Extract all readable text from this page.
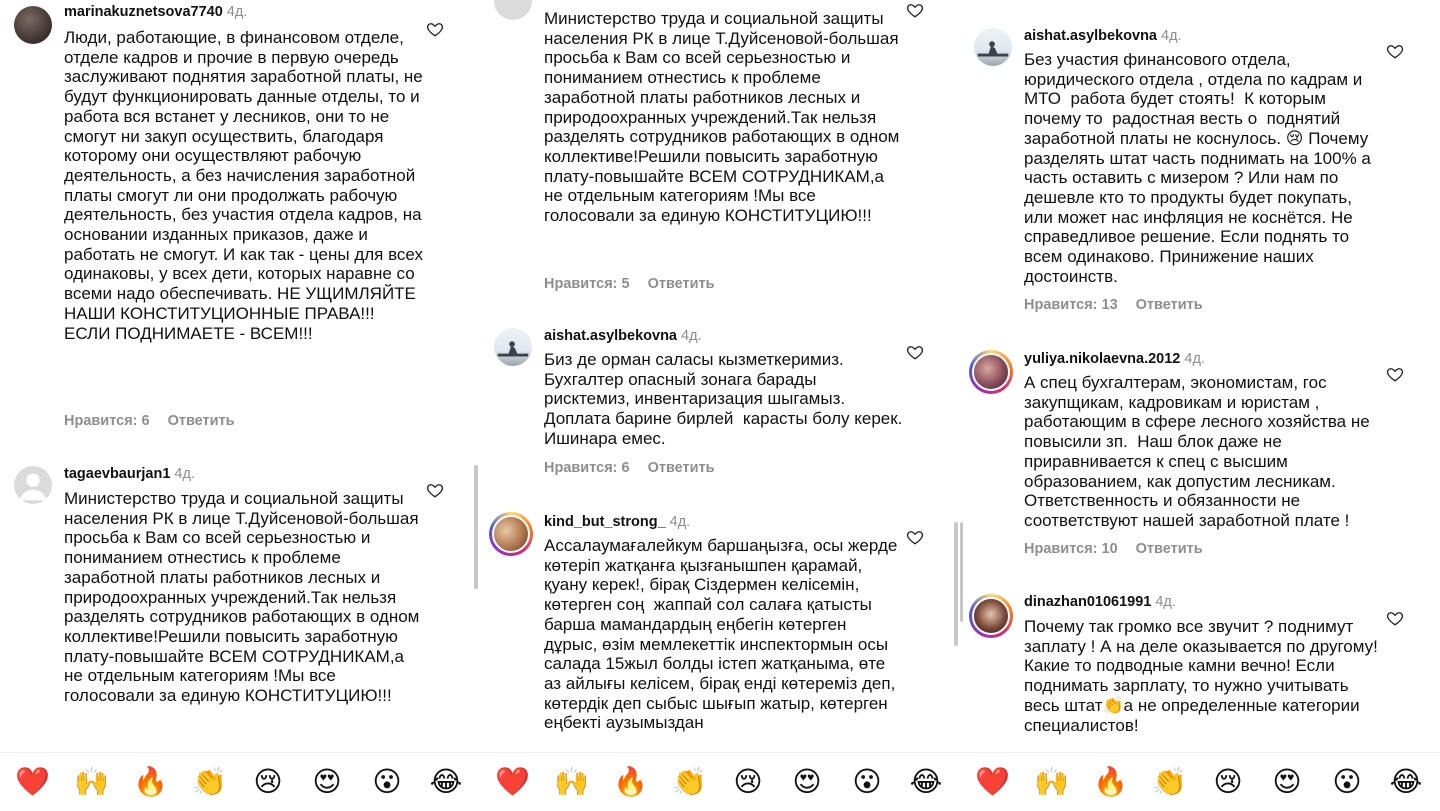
marinakuznetsova7740 4д.
Люди, работающие, в финансовом отделе, отделе кадров и прочие в первую очередь заслуживают поднятия заработной платы, не будут функционировать данные отделы, то и работа вся встанет у лесников, они то не смогут ни закуп осуществить, благодаря которому они осуществляют рабочую деятельность, а без начисления заработной платы смогут ли они продолжать рабочую деятельность, без участия отдела кадров, на основании изданных приказов, даже и работать не смогут. И как так - цены для всех одинаковы, у всех дети, которых наравне со всеми надо обеспечивать. НЕ УЩИМЛЯЙТЕ НАШИ КОНСТИТУЦИОННЫЕ ПРАВА!!! ЕСЛИ ПОДНИМАЕТЕ - ВСЕМ!!!
Нравится: 6 Ответить
tagaevbaurjan1 4д.
Министерство труда и социальной защиты населения РК в лице Т.Дуйсеновой-большая просьба к Вам со всей серьезностью и пониманием отнестись к проблеме заработной платы работников лесных и природоохранных учреждений.Так нельзя разделять сотрудников работающих в одном коллективе!Решили повысить заработную плату-повышайте ВСЕМ СОТРУДНИКАМ,а не отдельным категориям !Мы все голосовали за единую КОНСТИТУЦИЮ!!!
Министерство труда и социальной защиты населения РК в лице Т.Дуйсеновой-большая просьба к Вам со всей серьезностью и пониманием отнестись к проблеме заработной платы работников лесных и природоохранных учреждений.Так нельзя разделять сотрудников работающих в одном коллективе!Решили повысить заработную плату-повышайте ВСЕМ СОТРУДНИКАМ,а не отдельным категориям !Мы все голосовали за единую КОНСТИТУЦИЮ!!!
Нравится: 5 Ответить
aishat.asylbekovna 4д.
Биз де орман саласы кызметкеримиз. Бухгалтер опасный зонага барады рисктемиз, инвентаризация шыгамыз. Доплата барине бирлей  карасты болу керек. Ишинара емес.
Нравится: 6 Ответить
kind_but_strong_ 4д.
Ассалаумағалейкум баршаңызға, осы жерде көтеріп жатқанға қызғанышпен қарамай, қуану керек!, бірақ Сіздермен келісемін, көтерген соң  жаппай сол салаға қатысты барша мамандардың еңбегін көтерген дұрыс, өзім мемлекеттік инспектормын осы салада 15жыл болды істеп жатқаныма, өте аз айлығы келісем, бірақ енді көтереміз деп, көтердік деп сыбыс шығып жатыр, көтерген еңбекті аузымыздан
aishat.asylbekovna 4д.
Без участия финансового отдела, юридического отдела , отдела по кадрам и МТО  работа будет стоять!  К которым почему то  радостная весть о  поднятий заработной платы не коснулось. 😢 Почему разделять штат часть поднимать на 100% а часть оставить с мизером ? Или нам по дешевле кто то продукты будет покупать, или может нас инфляция не коснётся. Не справедливое решение. Если поднять то всем одинаково. Принижение наших достоинств.
Нравится: 13 Ответить
yuliya.nikolaevna.2012 4д.
А спец бухгалтерам, экономистам, гос закупщикам, кадровикам и юристам , работающим в сфере лесного хозяйства не повысили зп.  Наш блок даже не приравнивается к спец с высшим образованием, как допустим лесникам. Ответственность и обязанности не соответствуют нашей заработной плате !
Нравится: 10 Ответить
dinazhan01061991 4д.
Почему так громко все звучит ? поднимут заплату ! А на деле оказывается по другому! Какие то подводные камни вечно! Если поднимать зарплату, то нужно учитывать весь штат👏а не определенные категории специалистов!
❤️ 🙌 🔥 👏 😢 😍 😮 😂 ❤️ 🙌 🔥 👏 😢 😍 😮 😂 ❤️ 🙌 🔥 👏 😢 😍 😮 😂
